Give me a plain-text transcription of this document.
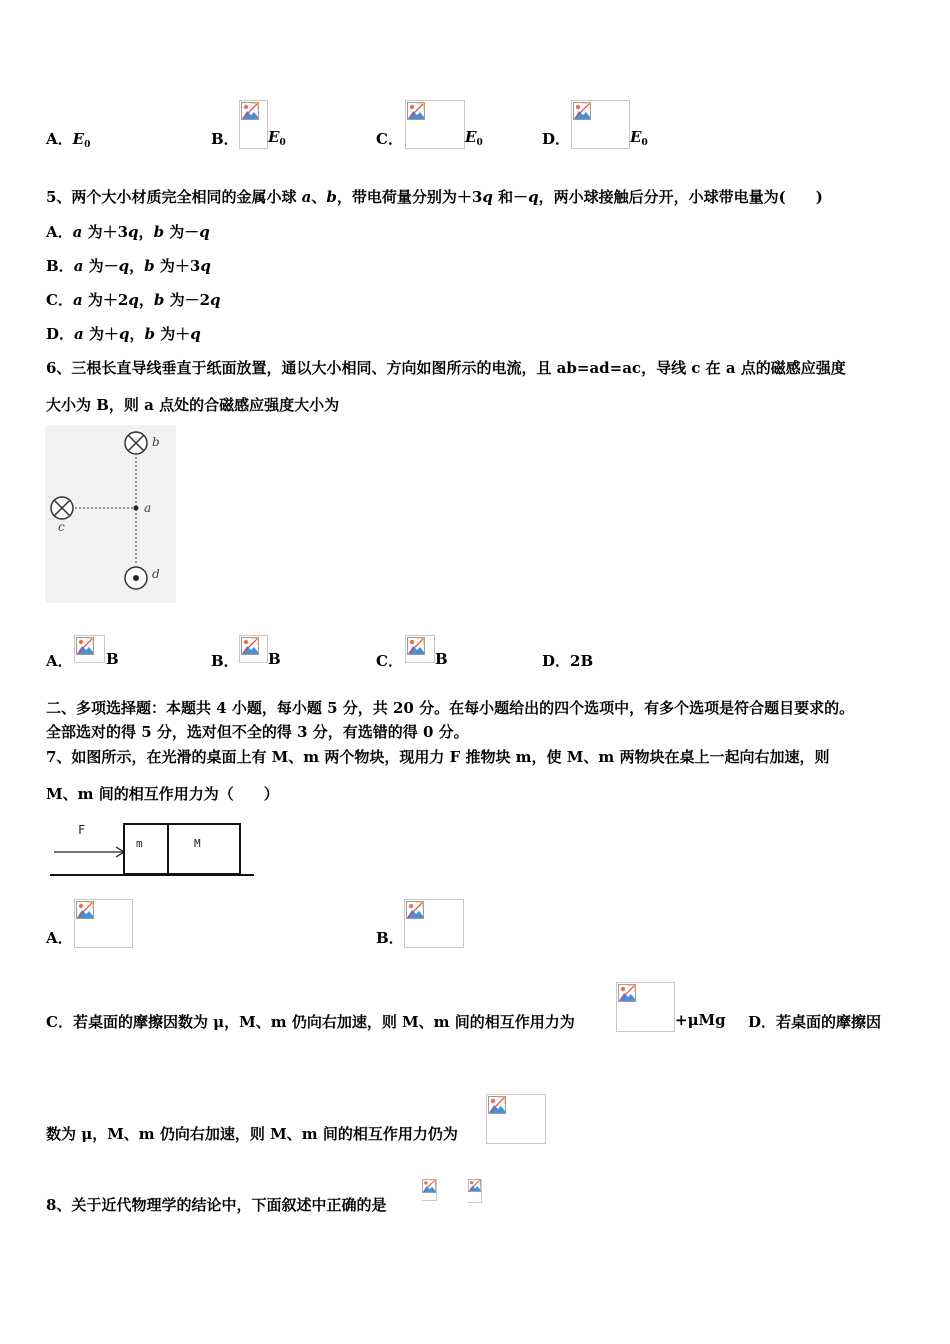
A．$E_0$	B． $E_0$	C．	$E_0$	D．	$E_0$
5、两个大小材质完全相同的金属小球 a、b，带电荷量分别为＋3q 和－q，两小球接触后分开，小球带电量为(　　)
A．a 为＋3q，b 为－q
B．a 为－q，b 为＋3q
C．a 为＋2q，b 为－2q
D．a 为＋q，b 为＋q
6、三根长直导线垂直于纸面放置，通以大小相同、方向如图所示的电流，且 ab=ad=ac，导线 c 在 a 点的磁感应强度
大小为 B，则 a 点处的合磁感应强度大小为
b
c
a
d
A． B	B． B	C． B	D．2B
二、多项选择题：本题共 4 小题，每小题 5 分，共 20 分。在每小题给出的四个选项中，有多个选项是符合题目要求的。
全部选对的得 5 分，选对但不全的得 3 分，有选错的得 0 分。
7、如图所示，在光滑的桌面上有 M、m 两个物块，现用力 F 推物块 m，使 M、m 两物块在桌上一起向右加速，则
M、m 间的相互作用力为（　　）
F
m	M
A．	B．
C．若桌面的摩擦因数为 μ，M、m 仍向右加速，则 M、m 间的相互作用力为	+μMg D．若桌面的摩擦因
数为 μ，M、m 仍向右加速，则 M、m 间的相互作用力仍为
8、关于近代物理学的结论中，下面叙述中正确的是
